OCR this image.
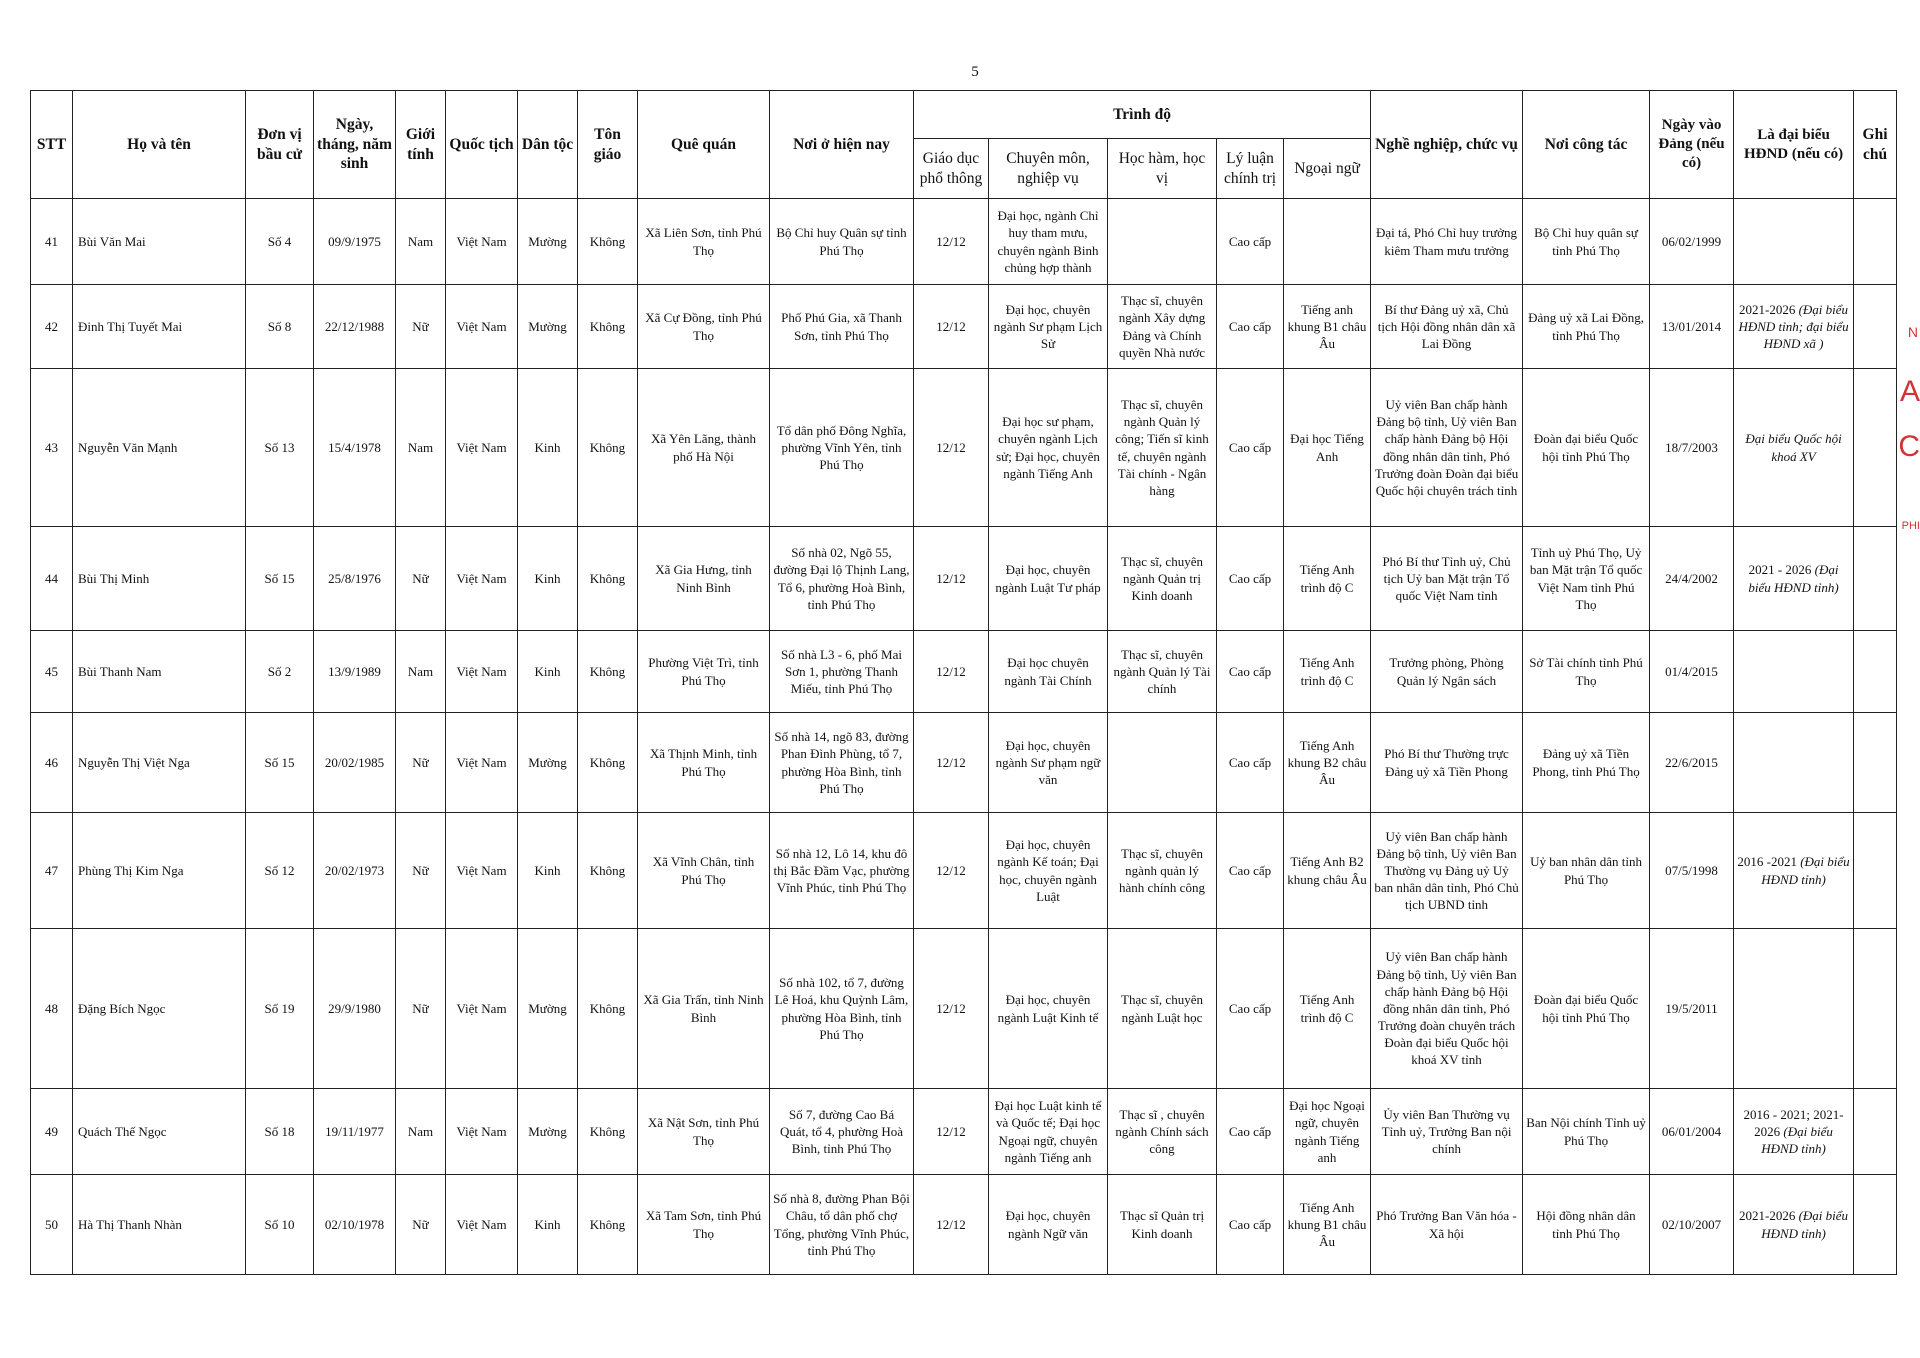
5
STT	Họ và tên	Đơn vị bầu cử	Ngày, tháng, năm sinh	Giới tính	Quốc tịch	Dân tộc	Tôn giáo	Quê quán	Nơi ở hiện nay	Trình độ					Nghề nghiệp, chức vụ	Nơi công tác	Ngày vào Đảng (nếu có)	Là đại biểu HĐND (nếu có)	Ghi chú
										Giáo dục phổ thông	Chuyên môn, nghiệp vụ	Học hàm, học vị	Lý luận chính trị	Ngoại ngữ					
41	Bùi Văn Mai	Số 4	09/9/1975	Nam	Việt Nam	Mường	Không	Xã Liên Sơn, tỉnh Phú Thọ	Bộ Chỉ huy Quân sự tỉnh Phú Thọ	12/12	Đại học, ngành Chỉ huy tham mưu, chuyên ngành Binh chủng hợp thành		Cao cấp		Đại tá, Phó Chỉ huy trưởng kiêm Tham mưu trưởng	Bộ Chỉ huy quân sự tỉnh Phú Thọ	06/02/1999		
42	Đinh Thị Tuyết Mai	Số 8	22/12/1988	Nữ	Việt Nam	Mường	Không	Xã Cự Đồng, tỉnh Phú Thọ	Phố Phú Gia, xã Thanh Sơn, tỉnh Phú Thọ	12/12	Đại học, chuyên ngành Sư phạm Lịch Sử	Thạc sĩ, chuyên ngành Xây dựng Đảng và Chính quyền Nhà nước	Cao cấp	Tiếng anh khung B1 châu Âu	Bí thư Đảng uỷ xã, Chủ tịch Hội đồng nhân dân xã Lai Đồng	Đảng uỷ xã Lai Đồng, tỉnh Phú Thọ	13/01/2014	2021-2026 (Đại biểu HĐND tỉnh; đại biểu HĐND xã )	
43	Nguyễn Văn Mạnh	Số 13	15/4/1978	Nam	Việt Nam	Kinh	Không	Xã Yên Lãng, thành phố Hà Nội	Tổ dân phố Đông Nghĩa, phường Vĩnh Yên, tỉnh Phú Thọ	12/12	Đại học sư phạm, chuyên ngành Lịch sử; Đại học, chuyên ngành Tiếng Anh	Thạc sĩ, chuyên ngành Quản lý công; Tiến sĩ kinh tế, chuyên ngành Tài chính - Ngân hàng	Cao cấp	Đại học Tiếng Anh	Uỷ viên Ban chấp hành Đảng bộ tỉnh, Uỷ viên Ban chấp hành Đảng bộ Hội đồng nhân dân tỉnh, Phó Trưởng đoàn Đoàn đại biểu Quốc hội chuyên trách tỉnh	Đoàn đại biểu Quốc hội tỉnh Phú Thọ	18/7/2003	Đại biểu Quốc hội khoá XV	
44	Bùi Thị Minh	Số 15	25/8/1976	Nữ	Việt Nam	Kinh	Không	Xã Gia Hưng, tỉnh Ninh Bình	Số nhà 02, Ngõ 55, đường Đại lộ Thịnh Lang, Tổ 6, phường Hoà Bình, tỉnh Phú Thọ	12/12	Đại học, chuyên ngành Luật Tư pháp	Thạc sĩ, chuyên ngành Quản trị Kinh doanh	Cao cấp	Tiếng Anh trình độ C	Phó Bí thư Tỉnh uỷ, Chủ tịch Uỷ ban Mặt trận Tổ quốc Việt Nam tỉnh	Tỉnh uỷ Phú Thọ, Uỷ ban Mặt trận Tổ quốc Việt Nam tỉnh Phú Thọ	24/4/2002	2021 - 2026 (Đại biểu HĐND tỉnh)	
45	Bùi Thanh Nam	Số 2	13/9/1989	Nam	Việt Nam	Kinh	Không	Phường Việt Trì, tỉnh Phú Thọ	Số nhà L3 - 6, phố Mai Sơn 1, phường Thanh Miếu, tỉnh Phú Thọ	12/12	Đại học chuyên ngành Tài Chính	Thạc sĩ, chuyên ngành Quản lý Tài chính	Cao cấp	Tiếng Anh trình độ C	Trưởng phòng, Phòng Quản lý Ngân sách	Sở Tài chính tỉnh Phú Thọ	01/4/2015		
46	Nguyễn Thị Việt Nga	Số 15	20/02/1985	Nữ	Việt Nam	Mường	Không	Xã Thịnh Minh, tỉnh Phú Thọ	Số nhà 14, ngõ 83, đường Phan Đình Phùng, tổ 7, phường Hòa Bình, tỉnh Phú Thọ	12/12	Đại học, chuyên ngành Sư phạm ngữ văn		Cao cấp	Tiếng Anh khung B2 châu Âu	Phó Bí thư Thường trực Đảng uỷ xã Tiền Phong	Đảng uỷ xã Tiền Phong, tỉnh Phú Thọ	22/6/2015		
47	Phùng Thị Kim Nga	Số 12	20/02/1973	Nữ	Việt Nam	Kinh	Không	Xã Vĩnh Chân, tỉnh Phú Thọ	Số nhà 12, Lô 14, khu đô thị Bắc Đầm Vạc, phường Vĩnh Phúc, tỉnh Phú Thọ	12/12	Đại học, chuyên ngành Kế toán; Đại học, chuyên ngành Luật	Thạc sĩ, chuyên ngành quản lý hành chính công	Cao cấp	Tiếng Anh B2 khung châu Âu	Uỷ viên Ban chấp hành Đảng bộ tỉnh, Uỷ viên Ban Thường vụ Đảng uỷ Uỷ ban nhân dân tỉnh, Phó Chủ tịch UBND tỉnh	Uỷ ban nhân dân tỉnh Phú Thọ	07/5/1998	2016 -2021 (Đại biểu HĐND tỉnh)	
48	Đặng Bích Ngọc	Số 19	29/9/1980	Nữ	Việt Nam	Mường	Không	Xã Gia Trấn, tỉnh Ninh Bình	Số nhà 102, tổ 7, đường Lê Hoá, khu Quỳnh Lâm, phường Hòa Bình, tỉnh Phú Thọ	12/12	Đại học, chuyên ngành Luật Kinh tế	Thạc sĩ, chuyên ngành Luật học	Cao cấp	Tiếng Anh trình độ C	Uỷ viên Ban chấp hành Đảng bộ tỉnh, Uỷ viên Ban chấp hành Đảng bộ Hội đồng nhân dân tỉnh, Phó Trưởng đoàn chuyên trách Đoàn đại biểu Quốc hội khoá XV tỉnh	Đoàn đại biểu Quốc hội tỉnh Phú Thọ	19/5/2011		
49	Quách Thế Ngọc	Số 18	19/11/1977	Nam	Việt Nam	Mường	Không	Xã Nật Sơn, tỉnh Phú Thọ	Số 7, đường Cao Bá Quát, tổ 4, phường Hoà Bình, tỉnh Phú Thọ	12/12	Đại học Luật kinh tế và Quốc tế; Đại học Ngoại ngữ, chuyên ngành Tiếng anh	Thạc sĩ , chuyên ngành Chính sách công	Cao cấp	Đại học Ngoại ngữ, chuyên ngành Tiếng anh	Ủy viên Ban Thường vụ Tỉnh uỷ, Trưởng Ban nội chính	Ban Nội chính Tỉnh uỷ Phú Thọ	06/01/2004	2016 - 2021; 2021-2026 (Đại biểu HĐND tỉnh)	
50	Hà Thị Thanh Nhàn	Số 10	02/10/1978	Nữ	Việt Nam	Kinh	Không	Xã Tam Sơn, tỉnh Phú Thọ	Số nhà 8, đường Phan Bội Châu, tổ dân phố chợ Tổng, phường Vĩnh Phúc, tỉnh Phú Thọ	12/12	Đại học, chuyên ngành Ngữ văn	Thạc sĩ Quản trị Kinh doanh	Cao cấp	Tiếng Anh khung B1 châu Âu	Phó Trưởng Ban Văn hóa - Xã hội	Hội đồng nhân dân tỉnh Phú Thọ	02/10/2007	2021-2026 (Đại biểu HĐND tỉnh)	
N
A
C
PHI
